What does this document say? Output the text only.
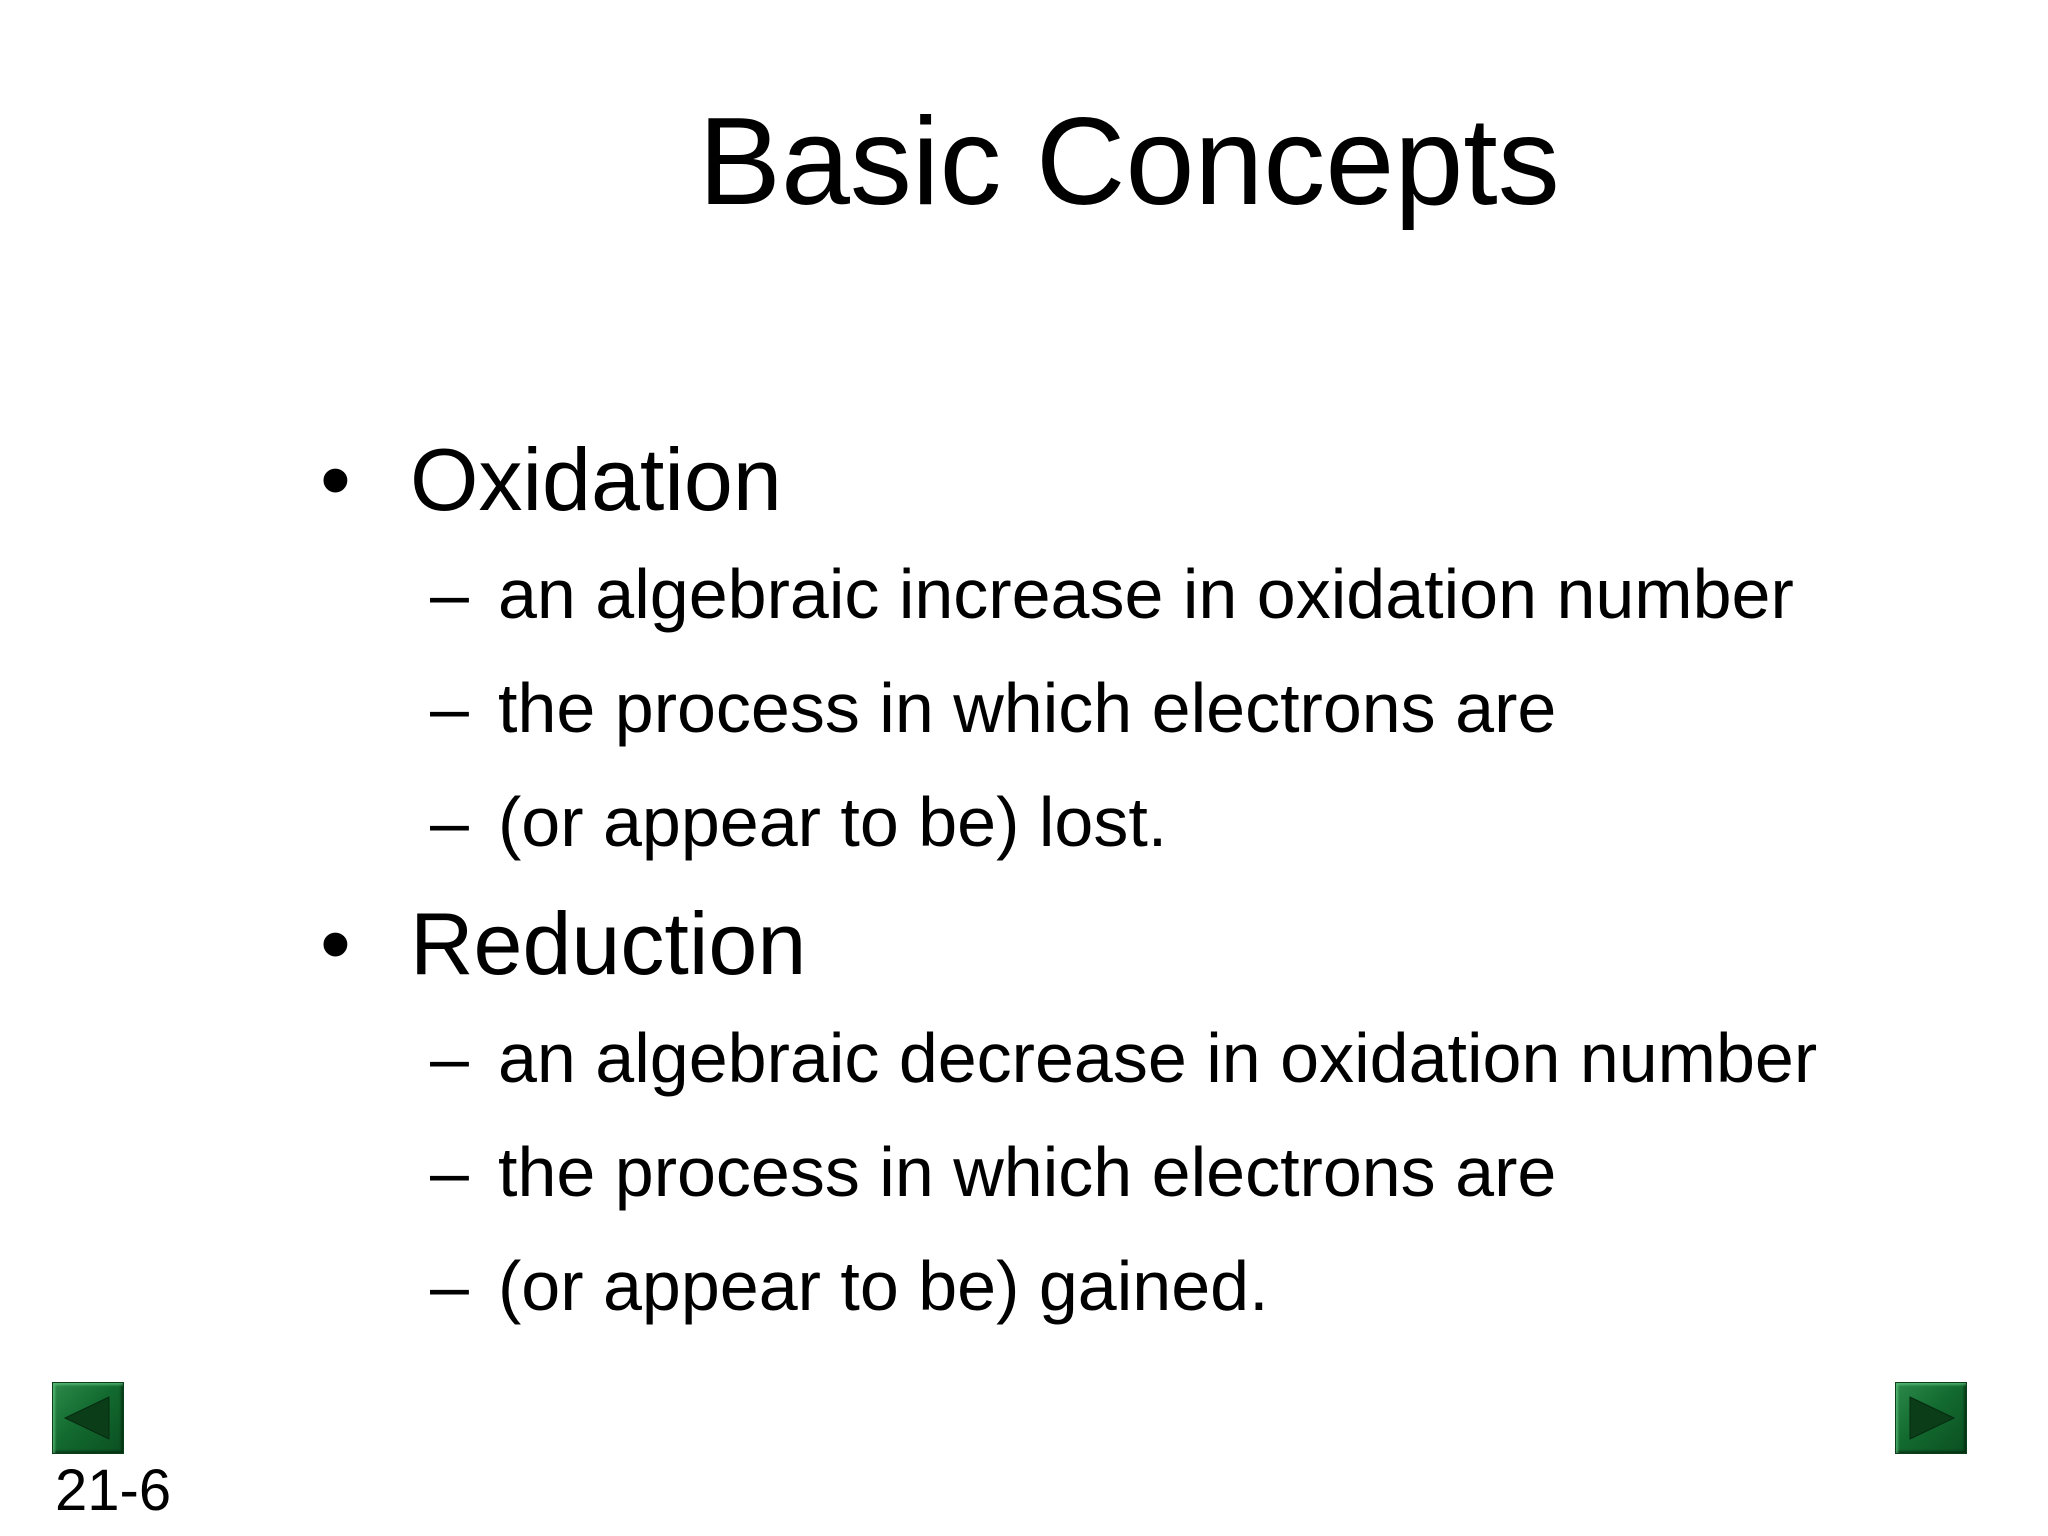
Basic Concepts

• Oxidation

– an algebraic increase in oxidation number
– the process in which electrons are
– (or appear to be) lost.

• Reduction

– an algebraic decrease in oxidation number
– the process in which electrons are
– (or appear to be) gained.
21-6
